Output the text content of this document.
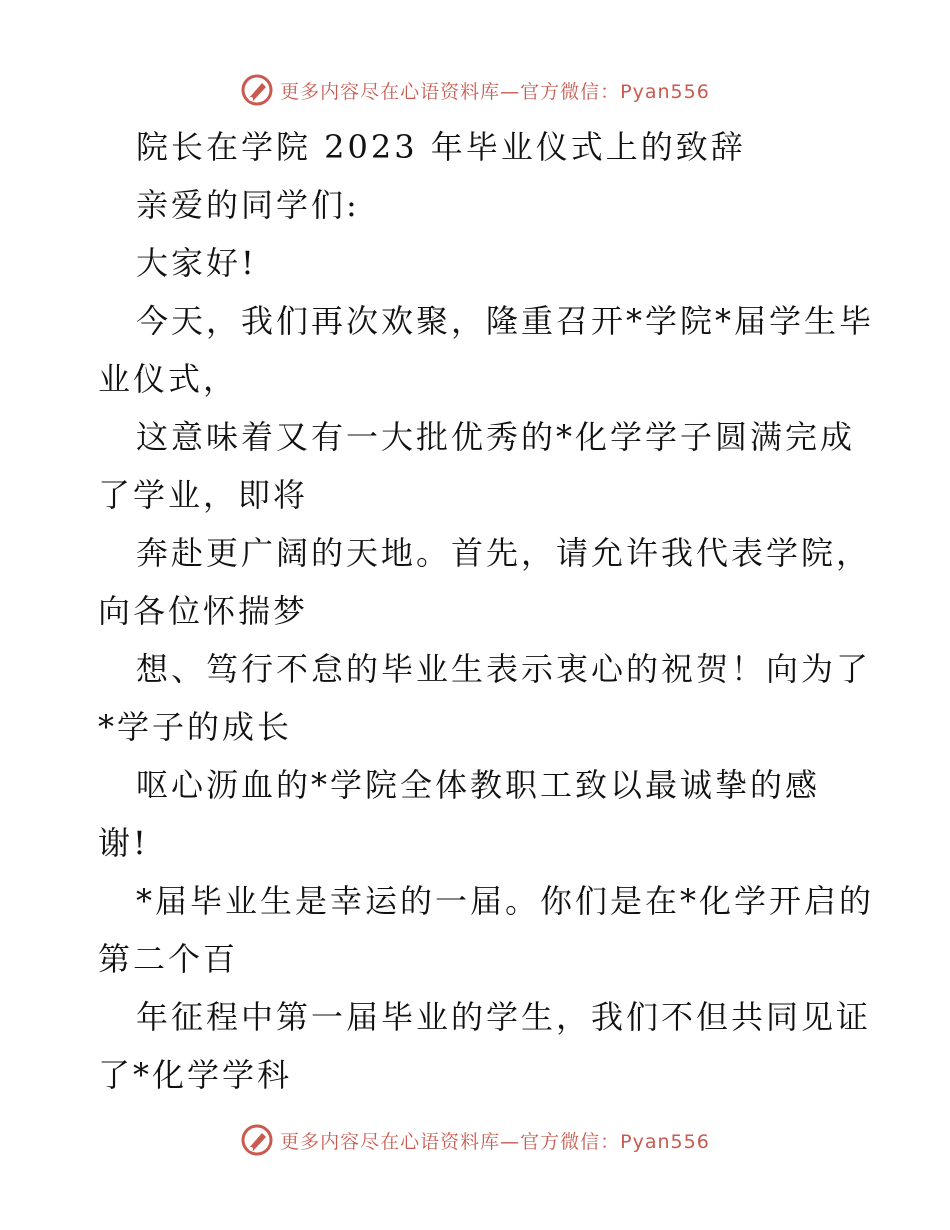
更多内容尽在心语资料库—官方微信：Pyan556
院长在学院 2023 年毕业仪式上的致辞
亲爱的同学们:
大家好!
今天，我们再次欢聚，隆重召开*学院*届学生毕
业仪式，
这意味着又有一大批优秀的*化学学子圆满完成
了学业，即将
奔赴更广阔的天地。首先，请允许我代表学院，
向各位怀揣梦
想、笃行不怠的毕业生表示衷心的祝贺！向为了
*学子的成长
呕心沥血的*学院全体教职工致以最诚挚的感
谢!
*届毕业生是幸运的一届。你们是在*化学开启的
第二个百
年征程中第一届毕业的学生，我们不但共同见证
了*化学学科
更多内容尽在心语资料库—官方微信：Pyan556
